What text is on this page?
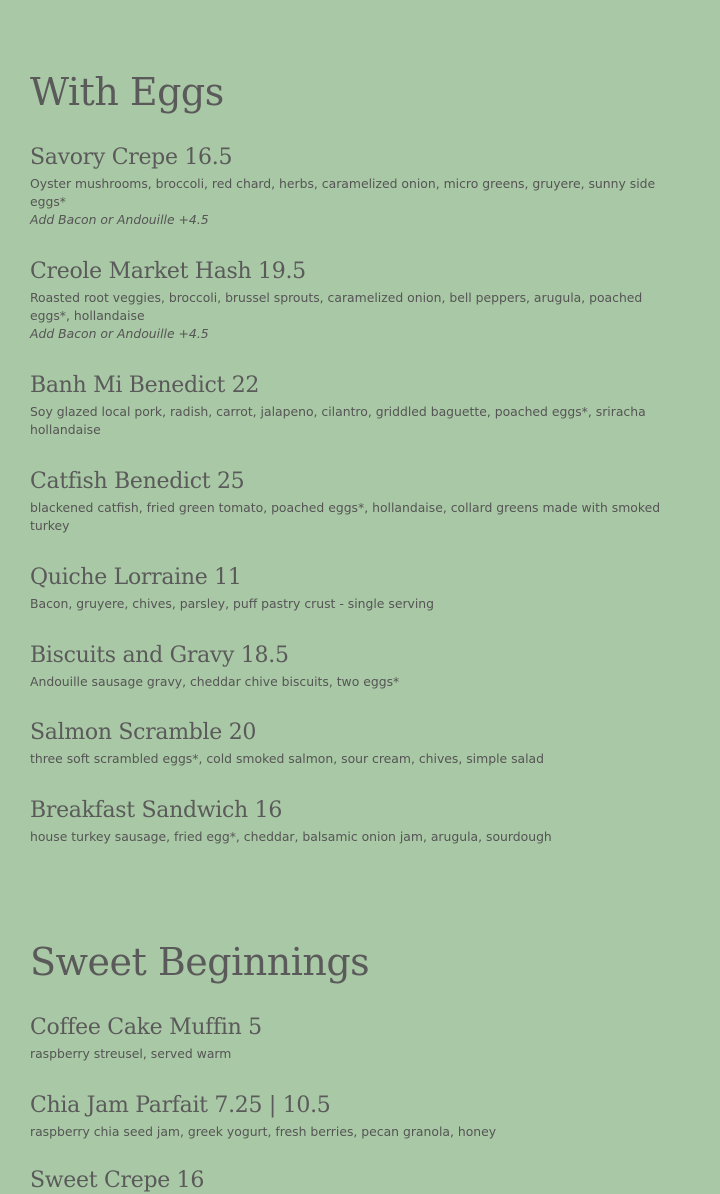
With Eggs
Savory Crepe 16.5

Oyster mushrooms, broccoli, red chard, herbs, caramelized onion, micro greens, gruyere, sunny side eggs*

Add Bacon or Andouille +4.5

Creole Market Hash 19.5

Roasted root veggies, broccoli, brussel sprouts, caramelized onion, bell peppers, arugula, poached eggs*, hollandaise

Add Bacon or Andouille +4.5

Banh Mi Benedict 22

Soy glazed local pork, radish, carrot, jalapeno, cilantro, griddled baguette, poached eggs*, sriracha hollandaise

Catfish Benedict 25

blackened catfish, fried green tomato, poached eggs*, hollandaise, collard greens made with smoked turkey

Quiche Lorraine 11

Bacon, gruyere, chives, parsley, puff pastry crust - single serving

Biscuits and Gravy 18.5

Andouille sausage gravy, cheddar chive biscuits, two eggs*

Salmon Scramble 20

three soft scrambled eggs*, cold smoked salmon, sour cream, chives, simple salad

Breakfast Sandwich 16

house turkey sausage, fried egg*, cheddar, balsamic onion jam, arugula, sourdough

Sweet Beginnings
Coffee Cake Muffin 5

raspberry streusel, served warm

Chia Jam Parfait 7.25 | 10.5

raspberry chia seed jam, greek yogurt, fresh berries, pecan granola, honey

Sweet Crepe 16
